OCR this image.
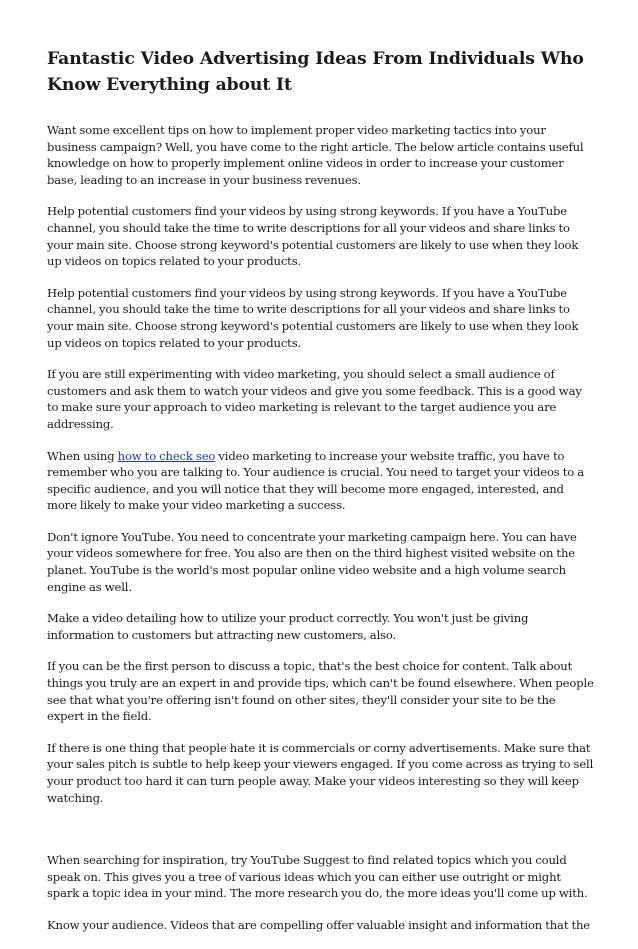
Fantastic Video Advertising Ideas From Individuals Who Know Everything about It

Want some excellent tips on how to implement proper video marketing tactics into your business campaign? Well, you have come to the right article. The below article contains useful knowledge on how to properly implement online videos in order to increase your customer base, leading to an increase in your business revenues.

Help potential customers find your videos by using strong keywords. If you have a YouTube channel, you should take the time to write descriptions for all your videos and share links to your main site. Choose strong keyword's potential customers are likely to use when they look up videos on topics related to your products.

Help potential customers find your videos by using strong keywords. If you have a YouTube channel, you should take the time to write descriptions for all your videos and share links to your main site. Choose strong keyword's potential customers are likely to use when they look up videos on topics related to your products.

If you are still experimenting with video marketing, you should select a small audience of customers and ask them to watch your videos and give you some feedback. This is a good way to make sure your approach to video marketing is relevant to the target audience you are addressing.

When using how to check seo video marketing to increase your website traffic, you have to remember who you are talking to. Your audience is crucial. You need to target your videos to a specific audience, and you will notice that they will become more engaged, interested, and more likely to make your video marketing a success.

Don't ignore YouTube. You need to concentrate your marketing campaign here. You can have your videos somewhere for free. You also are then on the third highest visited website on the planet. YouTube is the world's most popular online video website and a high volume search engine as well.

Make a video detailing how to utilize your product correctly. You won't just be giving information to customers but attracting new customers, also.

If you can be the first person to discuss a topic, that's the best choice for content. Talk about things you truly are an expert in and provide tips, which can't be found elsewhere. When people see that what you're offering isn't found on other sites, they'll consider your site to be the expert in the field.

If there is one thing that people hate it is commercials or corny advertisements. Make sure that your sales pitch is subtle to help keep your viewers engaged. If you come across as trying to sell your product too hard it can turn people away. Make your videos interesting so they will keep watching.

When searching for inspiration, try YouTube Suggest to find related topics which you could speak on. This gives you a tree of various ideas which you can either use outright or might spark a topic idea in your mind. The more research you do, the more ideas you'll come up with.

Know your audience. Videos that are compelling offer valuable insight and information that the
